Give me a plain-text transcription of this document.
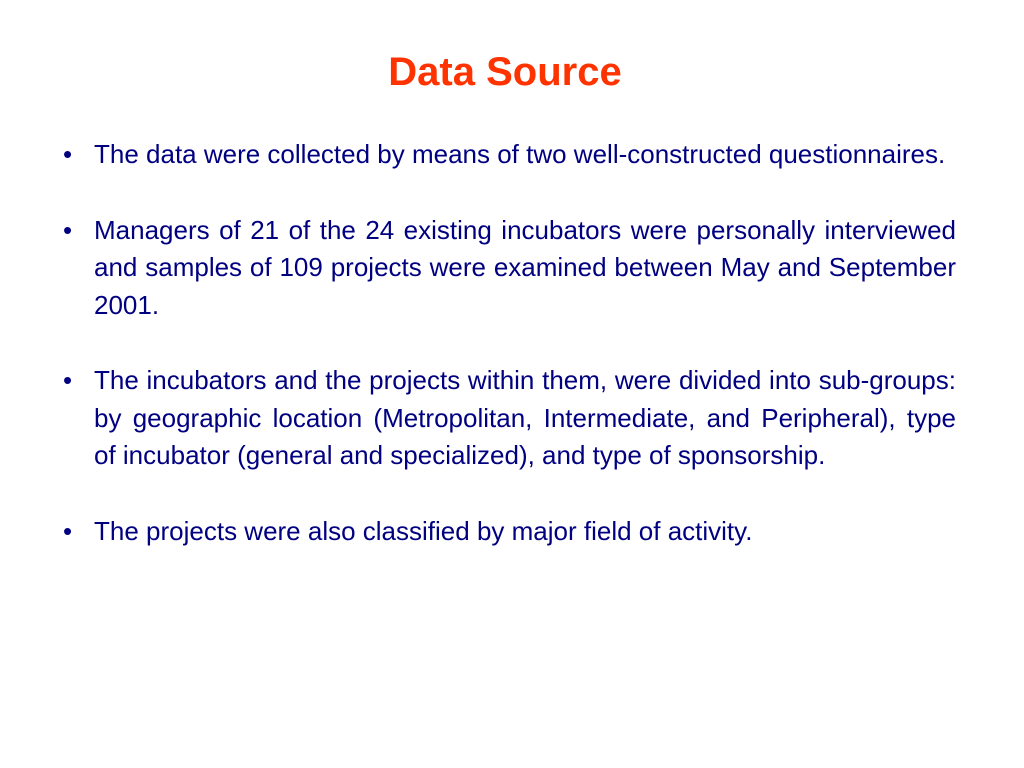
Data Source
• The data were collected by means of two well-constructed questionnaires.
• Managers of 21 of the 24 existing incubators were personally interviewed and samples of 109 projects were examined between May and September 2001.
• The incubators and the projects within them, were divided into sub-groups: by geographic location (Metropolitan, Intermediate, and Peripheral), type of incubator (general and specialized), and type of sponsorship.
• The projects were also classified by major field of activity.
